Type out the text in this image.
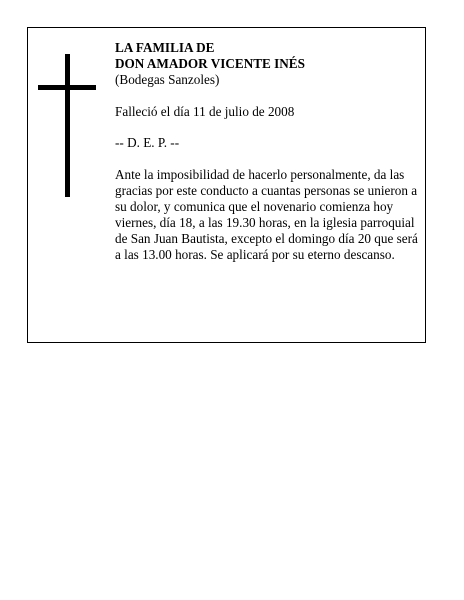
LA FAMILIA DE

DON AMADOR VICENTE INÉS

(Bodegas Sanzoles)

Falleció el día 11 de julio de 2008

-- D. E. P. --

Ante la imposibilidad de hacerlo personalmente, da las gracias por este conducto a cuantas personas se unieron a su dolor, y comunica que el novenario comienza hoy viernes, día 18, a las 19.30 horas, en la iglesia parroquial de San Juan Bautista, excepto el domingo día 20 que será a las 13.00 horas. Se aplicará por su eterno descanso.
